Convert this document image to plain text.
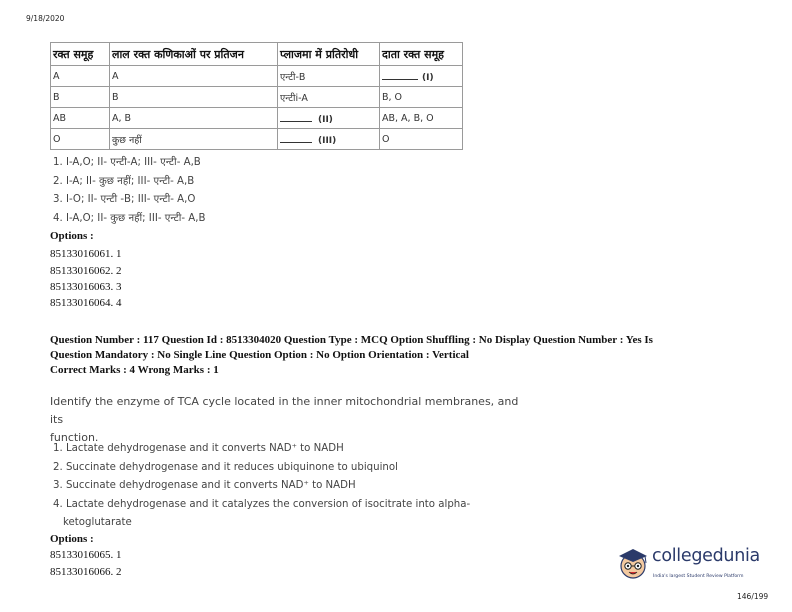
9/18/2020
रक्त समूह	लाल रक्त कणिकाओं पर प्रतिजन	प्लाजमा में प्रतिरोधी	दाता रक्त समूह
A	A	एन्टी-B	(I)
B	B	एन्टीi-A	B, O
AB	A, B	(II)	AB, A, B, O
O	कुछ नहीं	(III)	O
1. I-A,O; II- एन्टी-A; III- एन्टी- A,B
2. I-A; II- कुछ नहीं; III- एन्टी- A,B
3. I-O; II- एन्टी -B; III- एन्टी- A,O
4. I-A,O; II- कुछ नहीं; III- एन्टी- A,B
Options :
85133016061. 1
85133016062. 2
85133016063. 3
85133016064. 4
Question Number : 117 Question Id : 8513304020 Question Type : MCQ Option Shuffling : No Display Question Number : Yes Is
Question Mandatory : No Single Line Question Option : No Option Orientation : Vertical
Correct Marks : 4 Wrong Marks : 1
Identify the enzyme of TCA cycle located in the inner mitochondrial membranes, and its
function.
1. Lactate dehydrogenase and it converts NAD⁺ to NADH
2. Succinate dehydrogenase and it reduces ubiquinone to ubiquinol
3. Succinate dehydrogenase and it converts NAD⁺ to NADH
4. Lactate dehydrogenase and it catalyzes the conversion of isocitrate into alpha-
ketoglutarate
Options :
85133016065. 1
85133016066. 2
collegedunia
India's largest Student Review Platform
146/199
